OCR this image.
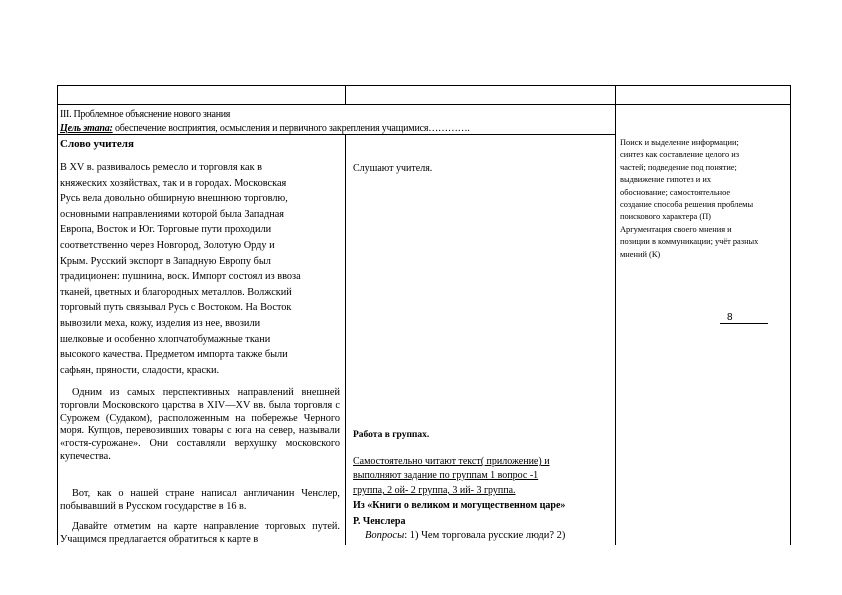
III. Проблемное объяснение нового знания

Цель этапа: обеспечение восприятия, осмысления и первичного закрепления учащимися………….

Слово учителя

В XV в. развивалось ремесло и торговля как в

княжеских хозяйствах, так и в городах. Московская

Русь вела довольно обширную внешнюю торговлю,

основными направлениями которой была Западная

Европа, Восток и Юг. Торговые пути проходили

соответственно через Новгород, Золотую Орду и

Крым. Русский экспорт в Западную Европу был

традиционен: пушнина, воск. Импорт состоял из ввоза

тканей, цветных и благородных металлов. Волжский

торговый путь связывал Русь с Востоком. На Восток

вывозили меха, кожу, изделия из нее, ввозили

шелковые и особенно хлопчатобумажные ткани

высокого качества. Предметом импорта также были

сафьян, пряности, сладости, краски.

Одним из самых перспективных направлений внешней торговли Московского царства в XIV—XV вв. была торговля с Сурожем (Судаком), расположенным на побережье Черного моря. Купцов, перевозивших товары с юга на север, называли «гостя-сурожане». Они составляли верхушку московского купечества.

Вот, как о нашей стране написал англичанин Ченслер, побывавший в Русском государстве в 16 в.

Давайте отметим на карте направление торговых путей. Учащимся предлагается обратиться к карте в

Слушают учителя.

Работа в группах.

Самостоятельно читают текст( приложение) и

выполняют задание по группам 1 вопрос -1

группа, 2 ой- 2 группа, 3 ий- 3 группа.

Из «Книги о великом и могущественном царе»

Р. Ченслера

Вопросы: 1) Чем торговала русские люди? 2)

Поиск и выделение информации;
синтез как составление целого из
частей; подведение под понятие;
выдвижение гипотез и их
обоснование; самостоятельное
создание способа решения проблемы
поискового характера (П)
Аргументация своего мнения и
позиции в коммуникации; учёт разных
мнений (К)
8
